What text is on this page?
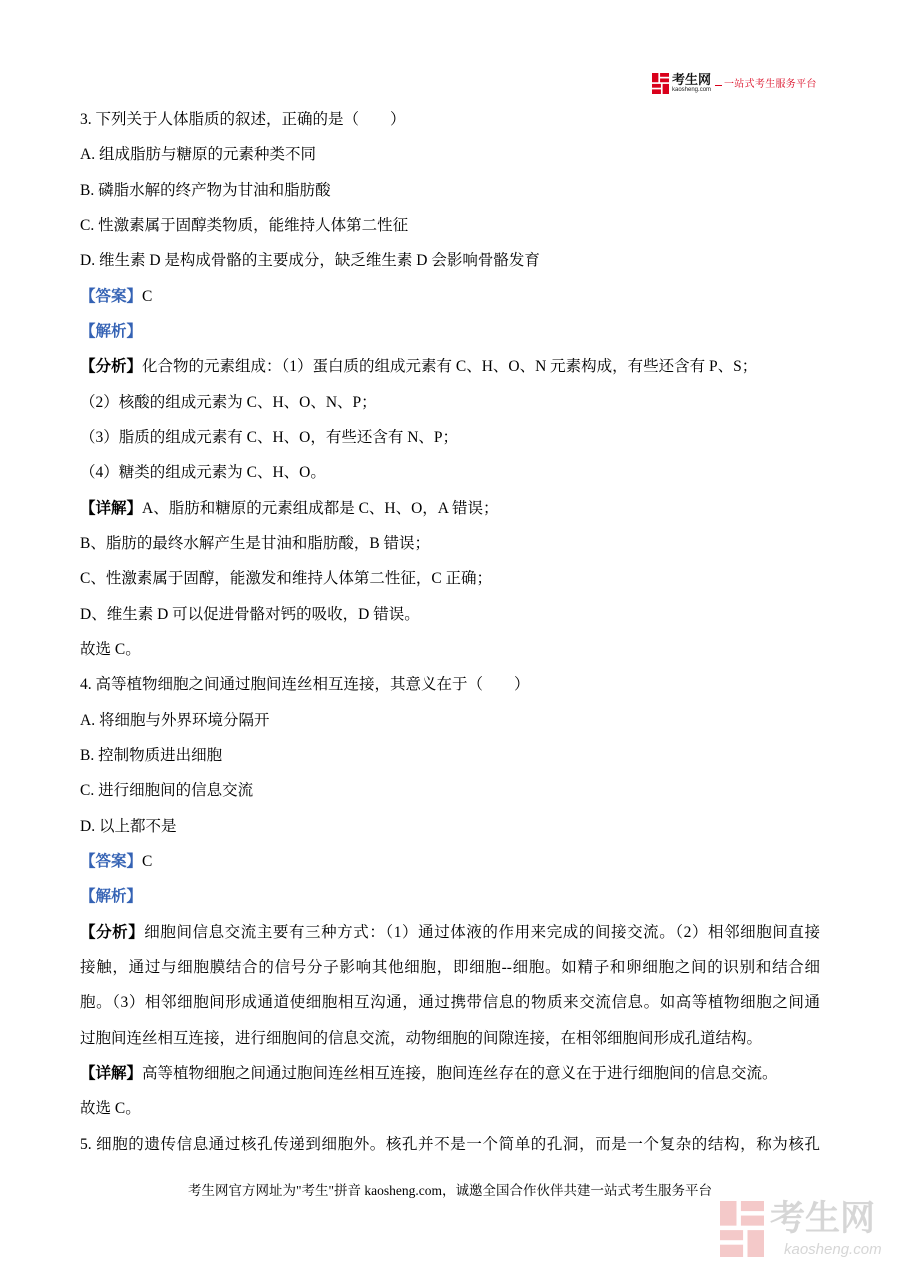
考生网
kaosheng.com 一站式考生服务平台
3. 下列关于人体脂质的叙述，正确的是（　　）
A. 组成脂肪与糖原的元素种类不同
B. 磷脂水解的终产物为甘油和脂肪酸
C. 性激素属于固醇类物质，能维持人体第二性征
D. 维生素 D 是构成骨骼的主要成分，缺乏维生素 D 会影响骨骼发育
【答案】C
【解析】
【分析】化合物的元素组成：（1）蛋白质的组成元素有 C、H、O、N 元素构成，有些还含有 P、S；
（2）核酸的组成元素为 C、H、O、N、P；
（3）脂质的组成元素有 C、H、O，有些还含有 N、P；
（4）糖类的组成元素为 C、H、O。
【详解】A、脂肪和糖原的元素组成都是 C、H、O，A 错误；
B、脂肪的最终水解产生是甘油和脂肪酸，B 错误；
C、性激素属于固醇，能激发和维持人体第二性征，C 正确；
D、维生素 D 可以促进骨骼对钙的吸收，D 错误。
故选 C。
4. 高等植物细胞之间通过胞间连丝相互连接，其意义在于（　　）
A. 将细胞与外界环境分隔开
B. 控制物质进出细胞
C. 进行细胞间的信息交流
D. 以上都不是
【答案】C
【解析】
【分析】细胞间信息交流主要有三种方式：（1）通过体液的作用来完成的间接交流。（2）相邻细胞间直接
接触，通过与细胞膜结合的信号分子影响其他细胞，即细胞--细胞。如精子和卵细胞之间的识别和结合细
胞。（3）相邻细胞间形成通道使细胞相互沟通，通过携带信息的物质来交流信息。如高等植物细胞之间通
过胞间连丝相互连接，进行细胞间的信息交流，动物细胞的间隙连接，在相邻细胞间形成孔道结构。
【详解】高等植物细胞之间通过胞间连丝相互连接，胞间连丝存在的意义在于进行细胞间的信息交流。
故选 C。
5. 细胞的遗传信息通过核孔传递到细胞外。核孔并不是一个简单的孔洞，而是一个复杂的结构，称为核孔
考生网官方网址为"考生"拼音 kaosheng.com，诚邀全国合作伙伴共建一站式考生服务平台
考生网
kaosheng.com
